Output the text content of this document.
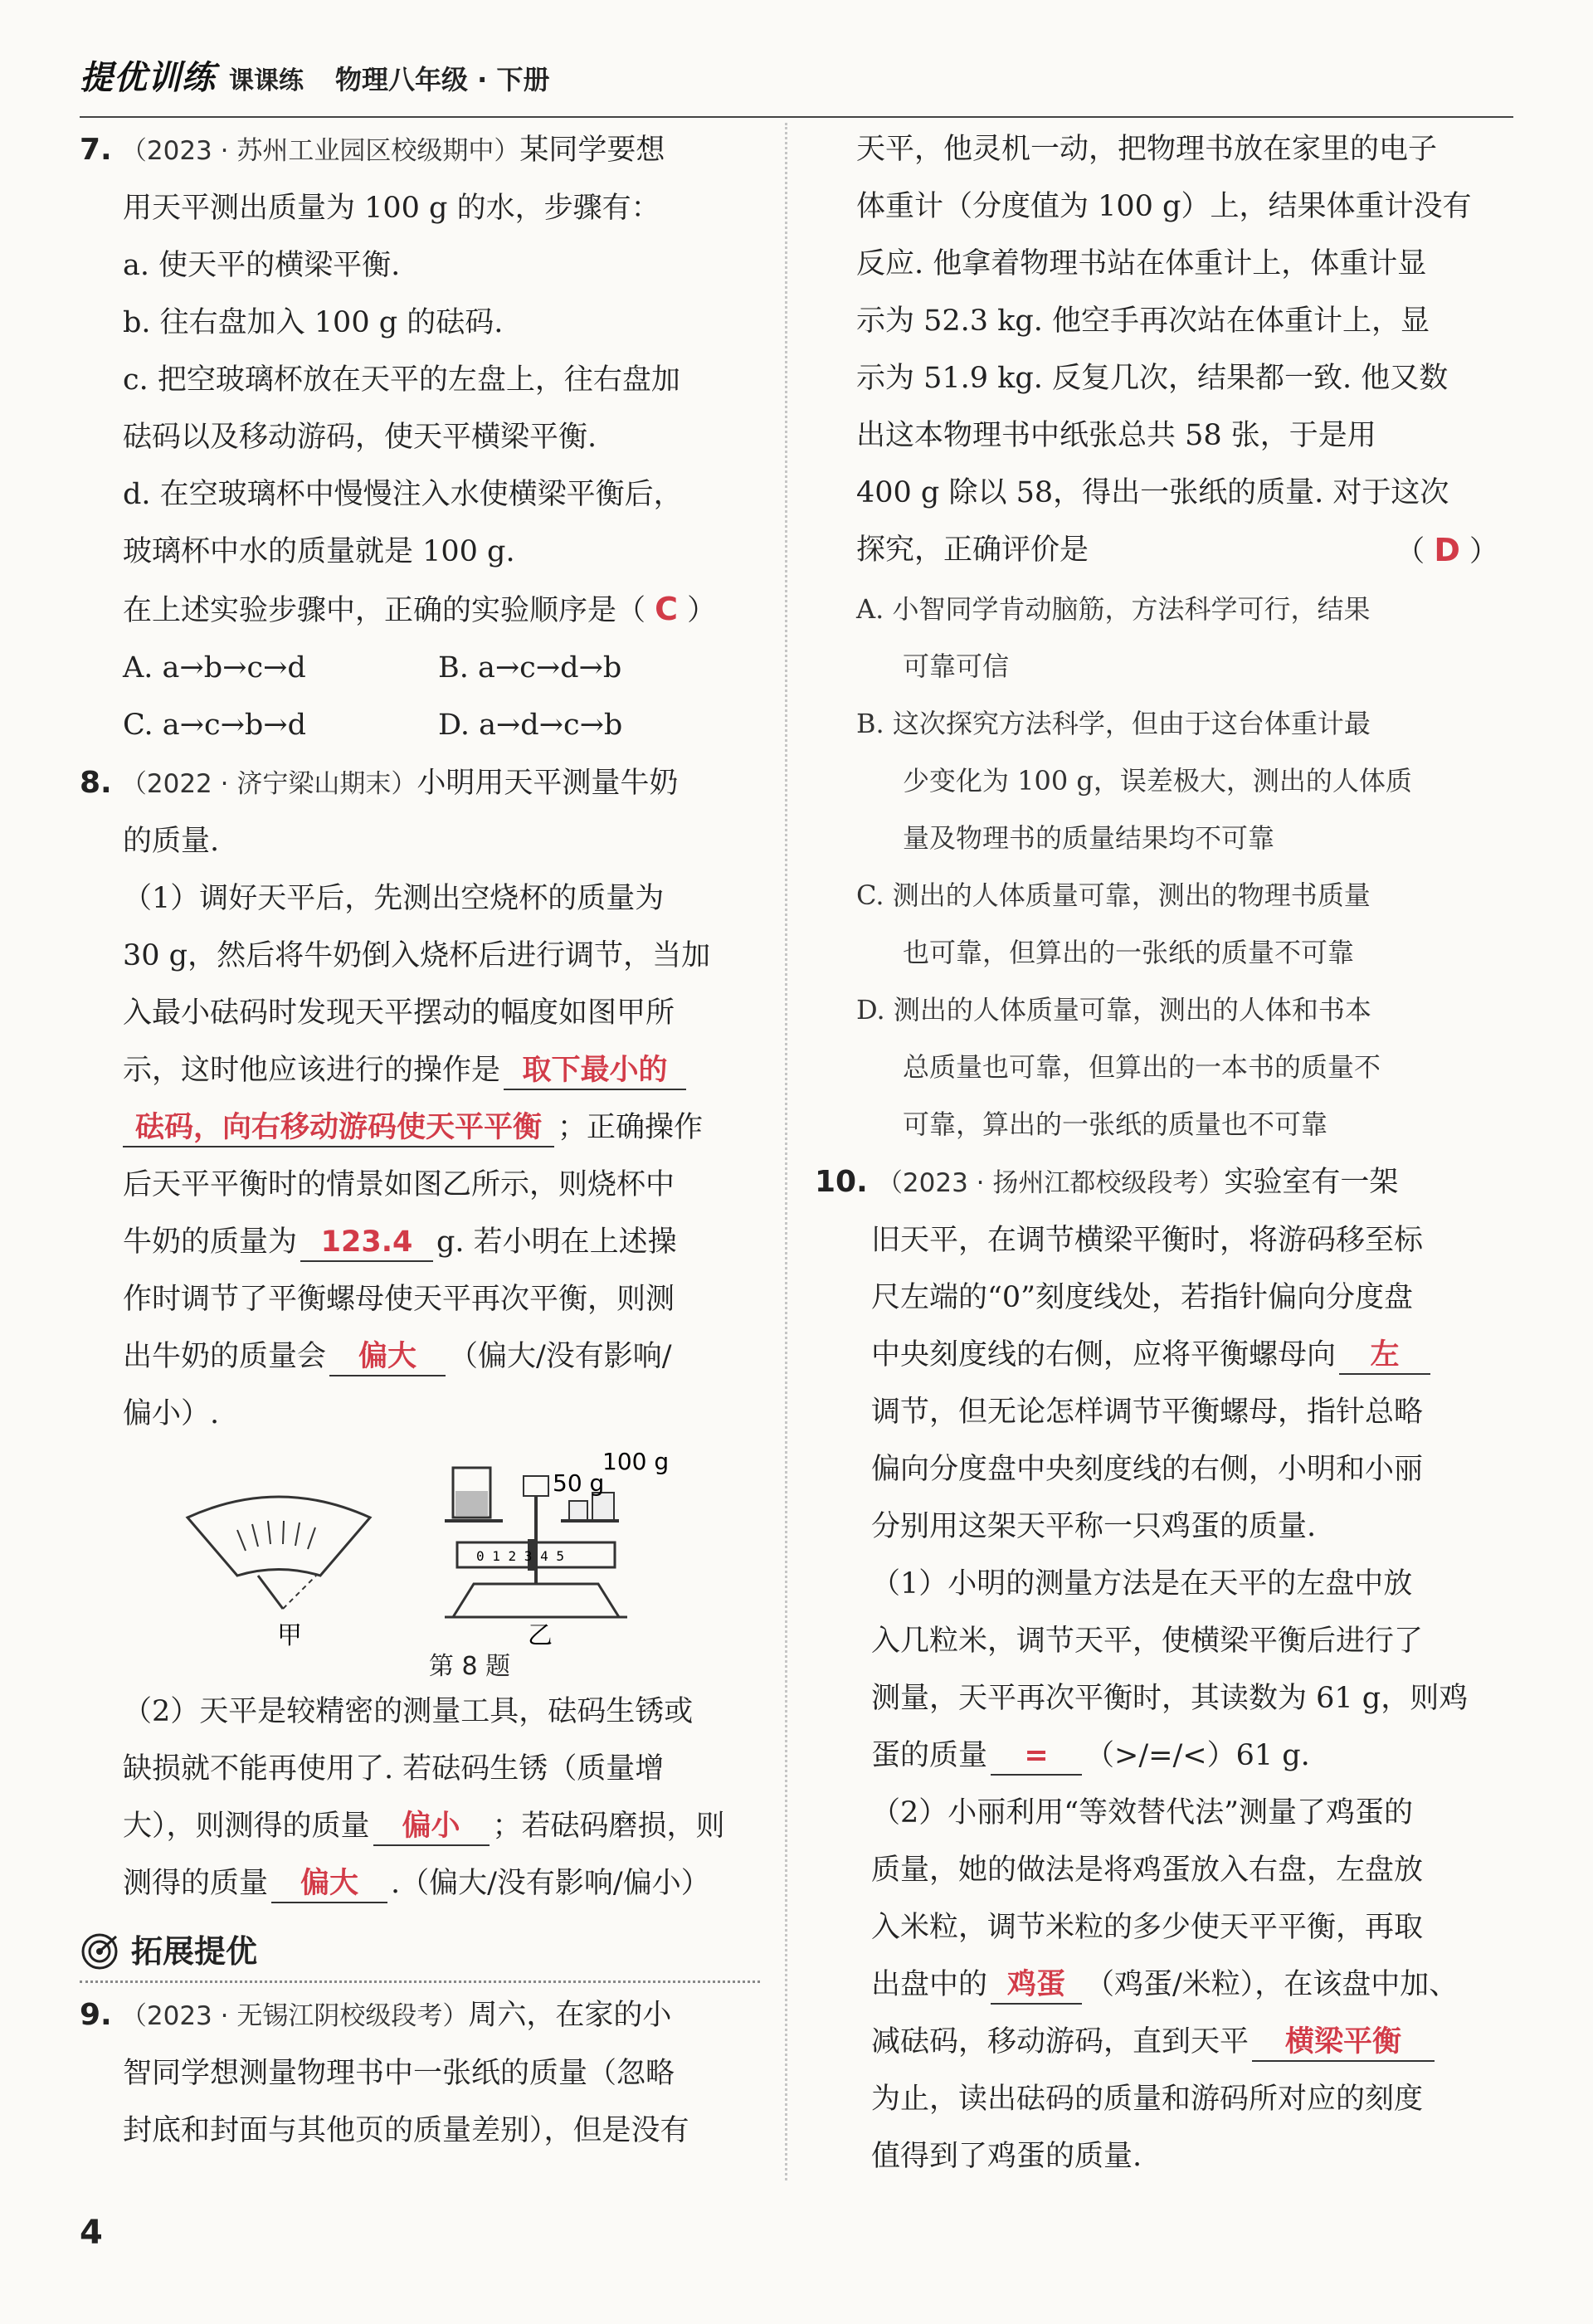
提优训练 课课练 物理八年级 · 下册

7. （2023 · 苏州工业园区校级期中）某同学要想

用天平测出质量为 100 g 的水，步骤有：

a. 使天平的横梁平衡.

b. 往右盘加入 100 g 的砝码.

c. 把空玻璃杯放在天平的左盘上，往右盘加

砝码以及移动游码，使天平横梁平衡.

d. 在空玻璃杯中慢慢注入水使横梁平衡后，

玻璃杯中水的质量就是 100 g.

在上述实验步骤中，正确的实验顺序是（ C ）

A. a→b→c→d	B. a→c→d→b
C. a→c→b→d	D. a→d→c→b

8. （2022 · 济宁梁山期末）小明用天平测量牛奶

的质量.

（1）调好天平后，先测出空烧杯的质量为

30 g，然后将牛奶倒入烧杯后进行调节，当加

入最小砝码时发现天平摆动的幅度如图甲所

示，这时他应该进行的操作是 取下最小的

砝码，向右移动游码使天平平衡 ；正确操作

后天平平衡时的情景如图乙所示，则烧杯中

牛奶的质量为 123.4 g. 若小明在上述操

作时调节了平衡螺母使天平再次平衡，则测

出牛奶的质量会 偏大 （偏大/没有影响/

偏小）.

甲
0 1 2 3 4 5
50 g
100 g
乙

第 8 题

（2）天平是较精密的测量工具，砝码生锈或

缺损就不能再使用了. 若砝码生锈（质量增

大），则测得的质量 偏小 ；若砝码磨损，则

测得的质量 偏大 .（偏大/没有影响/偏小）

拓展提优

9. （2023 · 无锡江阴校级段考）周六，在家的小

智同学想测量物理书中一张纸的质量（忽略

封底和封面与其他页的质量差别），但是没有

天平，他灵机一动，把物理书放在家里的电子

体重计（分度值为 100 g）上，结果体重计没有

反应. 他拿着物理书站在体重计上，体重计显

示为 52.3 kg. 他空手再次站在体重计上，显

示为 51.9 kg. 反复几次，结果都一致. 他又数

出这本物理书中纸张总共 58 张，于是用

400 g 除以 58，得出一张纸的质量. 对于这次

探究，正确评价是	（ D ）

A. 小智同学肯动脑筋，方法科学可行，结果

可靠可信

B. 这次探究方法科学，但由于这台体重计最

少变化为 100 g，误差极大，测出的人体质

量及物理书的质量结果均不可靠

C. 测出的人体质量可靠，测出的物理书质量

也可靠，但算出的一张纸的质量不可靠

D. 测出的人体质量可靠，测出的人体和书本

总质量也可靠，但算出的一本书的质量不

可靠，算出的一张纸的质量也不可靠

10. （2023 · 扬州江都校级段考）实验室有一架

旧天平，在调节横梁平衡时，将游码移至标

尺左端的“0”刻度线处，若指针偏向分度盘

中央刻度线的右侧，应将平衡螺母向 左

调节，但无论怎样调节平衡螺母，指针总略

偏向分度盘中央刻度线的右侧，小明和小丽

分别用这架天平称一只鸡蛋的质量.

（1）小明的测量方法是在天平的左盘中放

入几粒米，调节天平，使横梁平衡后进行了

测量，天平再次平衡时，其读数为 61 g，则鸡

蛋的质量 = （>/=/<）61 g.

（2）小丽利用“等效替代法”测量了鸡蛋的

质量，她的做法是将鸡蛋放入右盘，左盘放

入米粒，调节米粒的多少使天平平衡，再取

出盘中的 鸡蛋 （鸡蛋/米粒），在该盘中加、

减砝码，移动游码，直到天平 横梁平衡

为止，读出砝码的质量和游码所对应的刻度

值得到了鸡蛋的质量.

4
